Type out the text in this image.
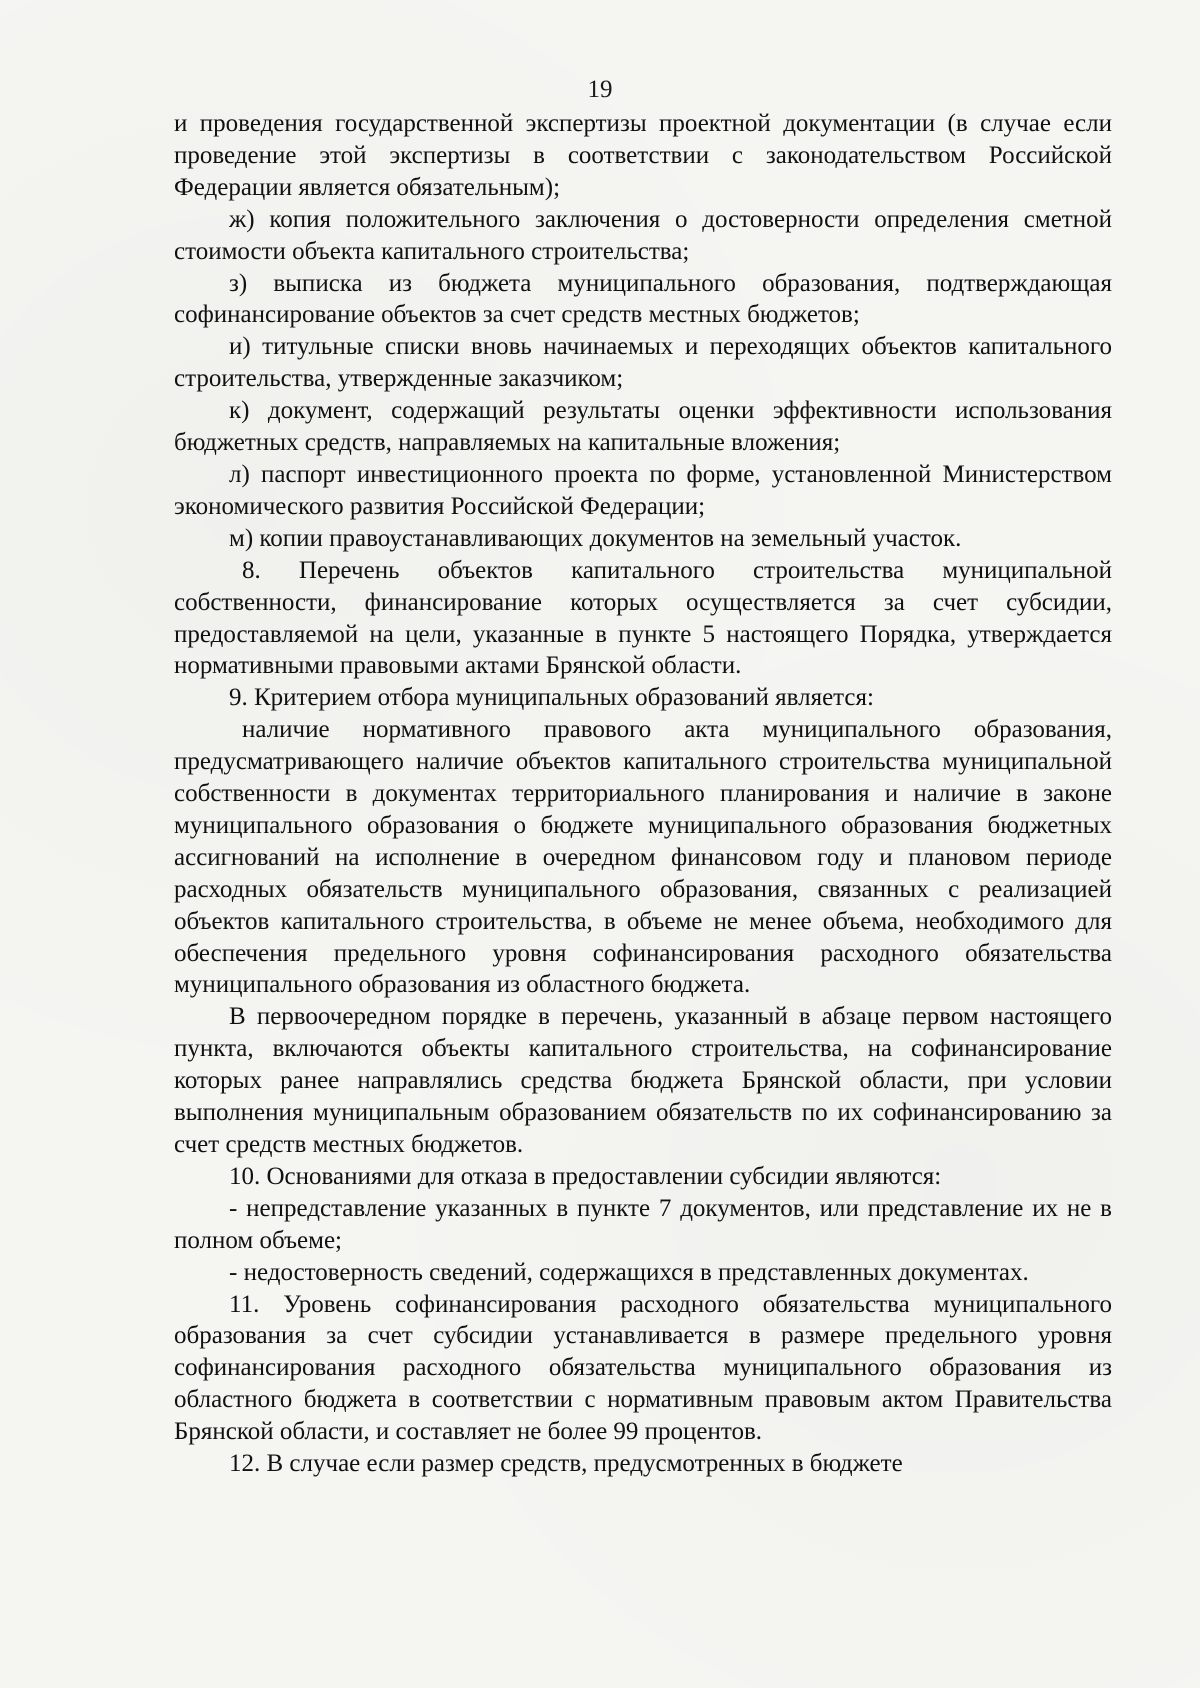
19

и проведения государственной экспертизы проектной документации (в случае если проведение этой экспертизы в соответствии с законодательством Российской Федерации является обязательным);

ж) копия положительного заключения о достоверности определения сметной стоимости объекта капитального строительства;

з) выписка из бюджета муниципального образования, подтверждающая софинансирование объектов за счет средств местных бюджетов;

и) титульные списки вновь начинаемых и переходящих объектов капитального строительства, утвержденные заказчиком;

к) документ, содержащий результаты оценки эффективности использования бюджетных средств, направляемых на капитальные вложения;

л) паспорт инвестиционного проекта по форме, установленной Министерством экономического развития Российской Федерации;

м) копии правоустанавливающих документов на земельный участок.

8. Перечень объектов капитального строительства муниципальной собственности, финансирование которых осуществляется за счет субсидии, предоставляемой на цели, указанные в пункте 5 настоящего Порядка, утверждается нормативными правовыми актами Брянской области.

9. Критерием отбора муниципальных образований является:

наличие нормативного правового акта муниципального образования, предусматривающего наличие объектов капитального строительства муниципальной собственности в документах территориального планирования и наличие в законе муниципального образования о бюджете муниципального образования бюджетных ассигнований на исполнение в очередном финансовом году и плановом периоде расходных обязательств муниципального образования, связанных с реализацией объектов капитального строительства, в объеме не менее объема, необходимого для обеспечения предельного уровня софинансирования расходного обязательства муниципального образования из областного бюджета.

В первоочередном порядке в перечень, указанный в абзаце первом настоящего пункта, включаются объекты капитального строительства, на софинансирование которых ранее направлялись средства бюджета Брянской области, при условии выполнения муниципальным образованием обязательств по их софинансированию за счет средств местных бюджетов.

10. Основаниями для отказа в предоставлении субсидии являются:

- непредставление указанных в пункте 7 документов, или представление их не в полном объеме;

- недостоверность сведений, содержащихся в представленных документах.

11. Уровень софинансирования расходного обязательства муниципального образования за счет субсидии устанавливается в размере предельного уровня софинансирования расходного обязательства муниципального образования из областного бюджета в соответствии с нормативным правовым актом Правительства Брянской области, и составляет не более 99 процентов.

12. В случае если размер средств, предусмотренных в бюджете
